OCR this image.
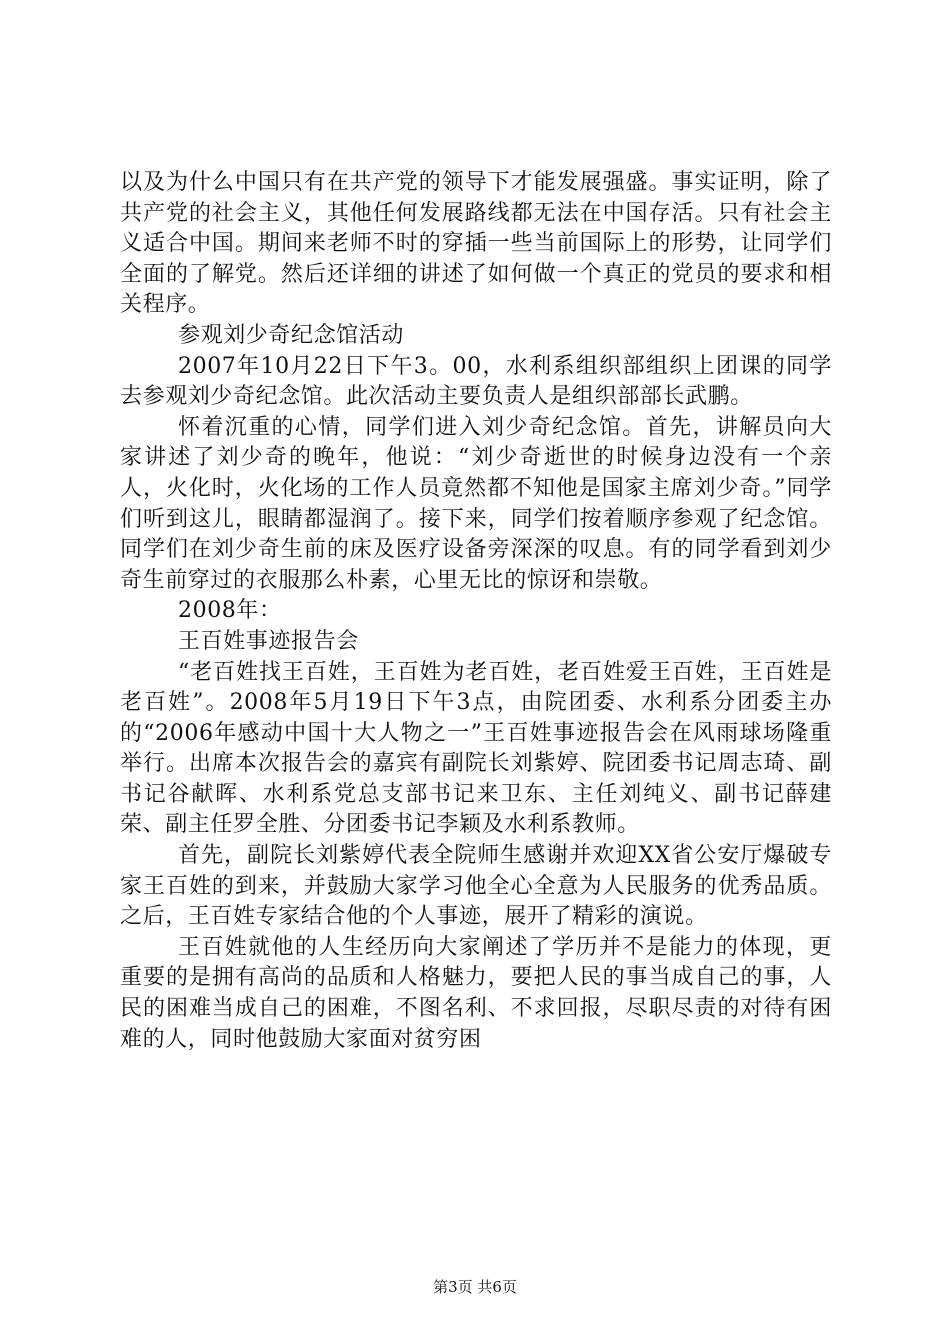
以及为什么中国只有在共产党的领导下才能发展强盛。事实证明，除了共产党的社会主义，其他任何发展路线都无法在中国存活。只有社会主义适合中国。期间来老师不时的穿插一些当前国际上的形势，让同学们全面的了解党。然后还详细的讲述了如何做一个真正的党员的要求和相关程序。

参观刘少奇纪念馆活动

2007年10月22日下午3。00，水利系组织部组织上团课的同学去参观刘少奇纪念馆。此次活动主要负责人是组织部部长武鹏。

怀着沉重的心情，同学们进入刘少奇纪念馆。首先，讲解员向大家讲述了刘少奇的晚年，他说：“刘少奇逝世的时候身边没有一个亲人，火化时，火化场的工作人员竟然都不知他是国家主席刘少奇。”同学们听到这儿，眼睛都湿润了。接下来，同学们按着顺序参观了纪念馆。同学们在刘少奇生前的床及医疗设备旁深深的叹息。有的同学看到刘少奇生前穿过的衣服那么朴素，心里无比的惊讶和崇敬。

2008年：

王百姓事迹报告会

“老百姓找王百姓，王百姓为老百姓，老百姓爱王百姓，王百姓是老百姓”。2008年5月19日下午3点，由院团委、水利系分团委主办的“2006年感动中国十大人物之一”王百姓事迹报告会在风雨球场隆重举行。出席本次报告会的嘉宾有副院长刘紫婷、院团委书记周志琦、副书记谷献晖、水利系党总支部书记来卫东、主任刘纯义、副书记薛建荣、副主任罗全胜、分团委书记李颖及水利系教师。

首先，副院长刘紫婷代表全院师生感谢并欢迎XX省公安厅爆破专家王百姓的到来，并鼓励大家学习他全心全意为人民服务的优秀品质。之后，王百姓专家结合他的个人事迹，展开了精彩的演说。

王百姓就他的人生经历向大家阐述了学历并不是能力的体现，更重要的是拥有高尚的品质和人格魅力，要把人民的事当成自己的事，人民的困难当成自己的困难，不图名利、不求回报，尽职尽责的对待有困难的人，同时他鼓励大家面对贫穷困

第3页 共6页
